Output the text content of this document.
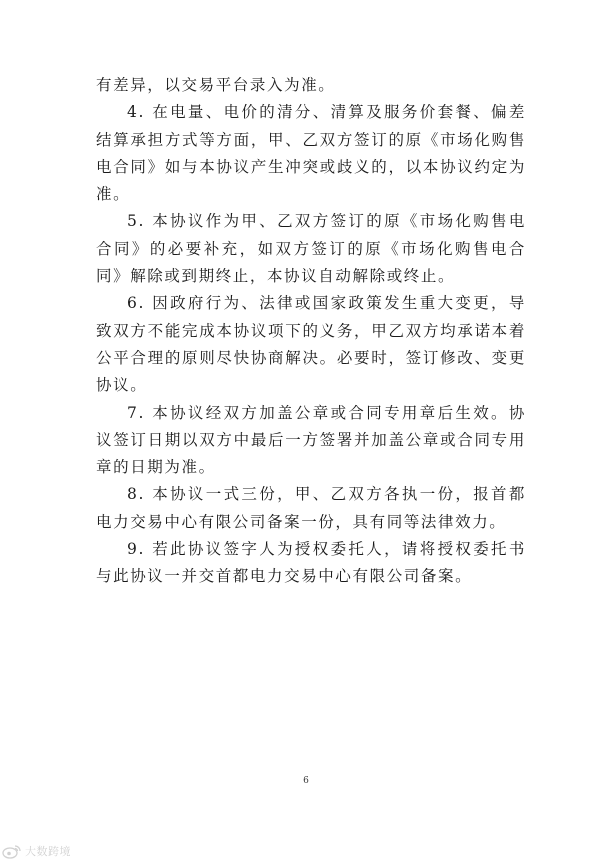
有差异，以交易平台录入为准。

4. 在电量、电价的清分、清算及服务价套餐、偏差结算承担方式等方面，甲、乙双方签订的原《市场化购售电合同》如与本协议产生冲突或歧义的，以本协议约定为准。

5. 本协议作为甲、乙双方签订的原《市场化购售电合同》的必要补充，如双方签订的原《市场化购售电合同》解除或到期终止，本协议自动解除或终止。

6. 因政府行为、法律或国家政策发生重大变更，导致双方不能完成本协议项下的义务，甲乙双方均承诺本着公平合理的原则尽快协商解决。必要时，签订修改、变更协议。

7. 本协议经双方加盖公章或合同专用章后生效。协议签订日期以双方中最后一方签署并加盖公章或合同专用章的日期为准。

8. 本协议一式三份，甲、乙双方各执一份，报首都电力交易中心有限公司备案一份，具有同等法律效力。

9. 若此协议签字人为授权委托人，请将授权委托书与此协议一并交首都电力交易中心有限公司备案。

6
大数跨境
